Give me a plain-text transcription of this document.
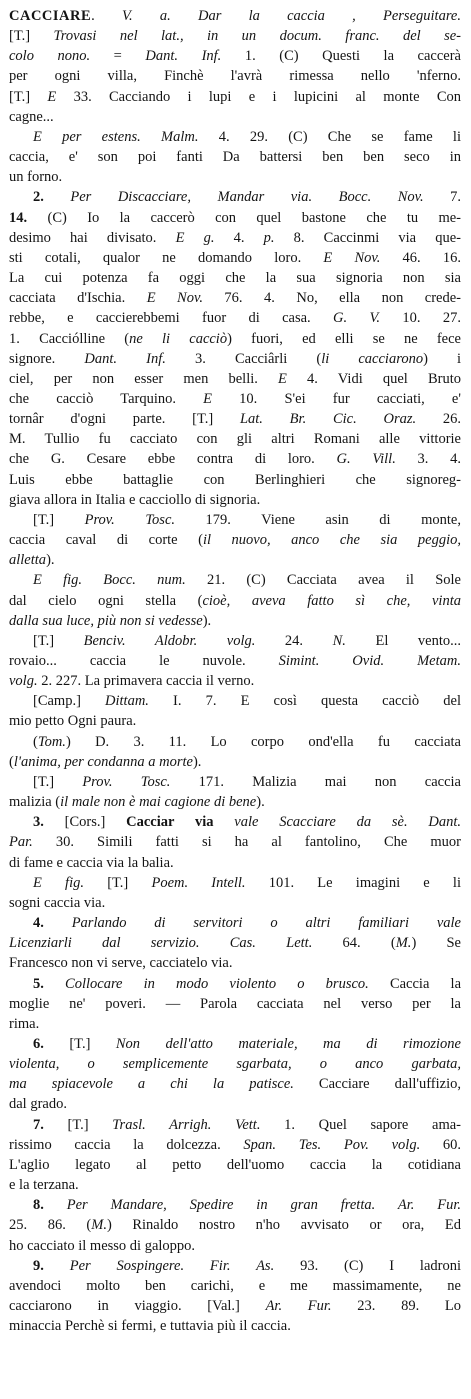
CACCIARE. V. a. Dar la caccia , Perseguitare.
[T.] Trovasi nel lat., in un docum. franc. del se-
colo nono. = Dant. Inf. 1. (C) Questi la caccerà
per ogni villa, Finchè l'avrà rimessa nello 'nferno.
[T.] E 33. Cacciando i lupi e i lupicini al monte Con
cagne...
E per estens. Malm. 4. 29. (C) Che se fame li
caccia, e' son poi fanti Da battersi ben ben seco in
un forno.
2. Per Discacciare, Mandar via. Bocc. Nov. 7.
14. (C) Io la caccerò con quel bastone che tu me-
desimo hai divisato. E g. 4. p. 8. Caccinmi via que-
sti cotali, qualor ne domando loro. E Nov. 46. 16.
La cui potenza fa oggi che la sua signoria non sia
cacciata d'Ischia. E Nov. 76. 4. No, ella non crede-
rebbe, e caccierebbemi fuor di casa. G. V. 10. 27.
1. Cacciólline (ne li cacciò) fuori, ed elli se ne fece
signore. Dant. Inf. 3. Cacciârli (li cacciarono) i
ciel, per non esser men belli. E 4. Vidi quel Bruto
che cacciò Tarquino. E 10. S'ei fur cacciati, e'
tornâr d'ogni parte. [T.] Lat. Br. Cic. Oraz. 26.
M. Tullio fu cacciato con gli altri Romani alle vittorie
che G. Cesare ebbe contra di loro. G. Vill. 3. 4.
Luis ebbe battaglie con Berlinghieri che signoreg-
giava allora in Italia e cacciollo di signoria.
[T.] Prov. Tosc. 179. Viene asin di monte,
caccia caval di corte (il nuovo, anco che sia peggio,
alletta).
E fig. Bocc. num. 21. (C) Cacciata avea il Sole
dal cielo ogni stella (cioè, aveva fatto sì che, vinta
dalla sua luce, più non si vedesse).
[T.] Benciv. Aldobr. volg. 24. N. El vento...
rovaio... caccia le nuvole. Simint. Ovid. Metam.
volg. 2. 227. La primavera caccia il verno.
[Camp.] Dittam. I. 7. E così questa cacciò del
mio petto Ogni paura.
(Tom.) D. 3. 11. Lo corpo ond'ella fu cacciata
(l'anima, per condanna a morte).
[T.] Prov. Tosc. 171. Malizia mai non caccia
malizia (il male non è mai cagione di bene).
3. [Cors.] Cacciar via vale Scacciare da sè. Dant.
Par. 30. Simili fatti si ha al fantolino, Che muor
di fame e caccia via la balia.
E fig. [T.] Poem. Intell. 101. Le imagini e li
sogni caccia via.
4. Parlando di servitori o altri familiari vale
Licenziarli dal servizio. Cas. Lett. 64. (M.) Se
Francesco non vi serve, cacciatelo via.
5. Collocare in modo violento o brusco. Caccia la
moglie ne' poveri. — Parola cacciata nel verso per la
rima.
6. [T.] Non dell'atto materiale, ma di rimozione
violenta, o semplicemente sgarbata, o anco garbata,
ma spiacevole a chi la patisce. Cacciare dall'uffizio,
dal grado.
7. [T.] Trasl. Arrigh. Vett. 1. Quel sapore ama-
rissimo caccia la dolcezza. Span. Tes. Pov. volg. 60.
L'aglio legato al petto dell'uomo caccia la cotidiana
e la terzana.
8. Per Mandare, Spedire in gran fretta. Ar. Fur.
25. 86. (M.) Rinaldo nostro n'ho avvisato or ora, Ed
ho cacciato il messo di galoppo.
9. Per Sospingere. Fir. As. 93. (C) I ladroni
avendoci molto ben carichi, e me massimamente, ne
cacciarono in viaggio. [Val.] Ar. Fur. 23. 89. Lo
minaccia Perchè si fermi, e tuttavia più il caccia.
